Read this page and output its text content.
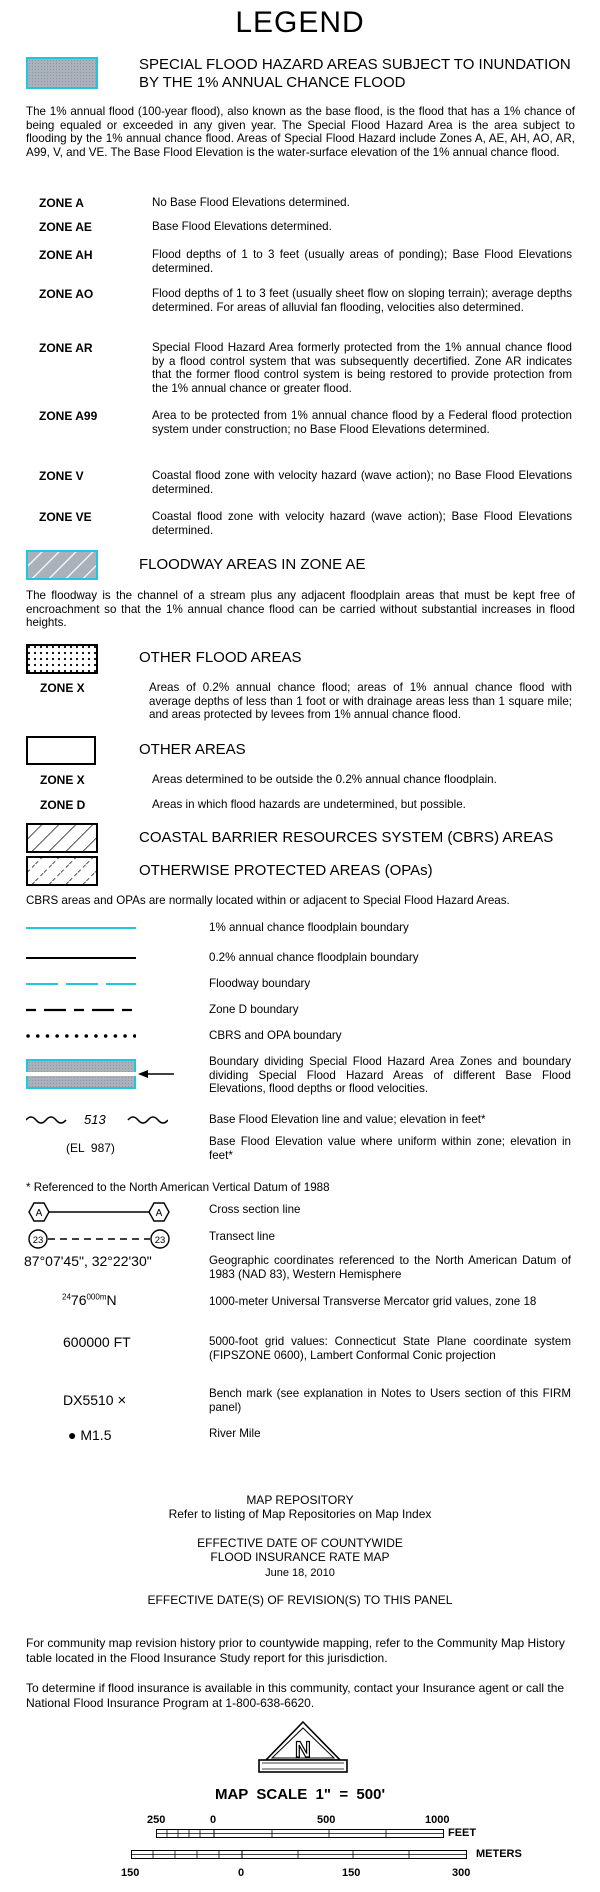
LEGEND
SPECIAL FLOOD HAZARD AREAS SUBJECT TO INUNDATION BY THE 1% ANNUAL CHANCE FLOOD
The 1% annual flood (100-year flood), also known as the base flood, is the flood that has a 1% chance of being equaled or exceeded in any given year. The Special Flood Hazard Area is the area subject to flooding by the 1% annual chance flood. Areas of Special Flood Hazard include Zones A, AE, AH, AO, AR, A99, V, and VE. The Base Flood Elevation is the water-surface elevation of the 1% annual chance flood.
ZONE A	No Base Flood Elevations determined.
ZONE AE	Base Flood Elevations determined.
ZONE AH	Flood depths of 1 to 3 feet (usually areas of ponding); Base Flood Elevations determined.
ZONE AO	Flood depths of 1 to 3 feet (usually sheet flow on sloping terrain); average depths determined. For areas of alluvial fan flooding, velocities also determined.
ZONE AR	Special Flood Hazard Area formerly protected from the 1% annual chance flood by a flood control system that was subsequently decertified. Zone AR indicates that the former flood control system is being restored to provide protection from the 1% annual chance or greater flood.
ZONE A99	Area to be protected from 1% annual chance flood by a Federal flood protection system under construction; no Base Flood Elevations determined.
ZONE V	Coastal flood zone with velocity hazard (wave action); no Base Flood Elevations determined.
ZONE VE	Coastal flood zone with velocity hazard (wave action); Base Flood Elevations determined.
FLOODWAY AREAS IN ZONE AE
The floodway is the channel of a stream plus any adjacent floodplain areas that must be kept free of encroachment so that the 1% annual chance flood can be carried without substantial increases in flood heights.
OTHER FLOOD AREAS
ZONE X	Areas of 0.2% annual chance flood; areas of 1% annual chance flood with average depths of less than 1 foot or with drainage areas less than 1 square mile; and areas protected by levees from 1% annual chance flood.
OTHER AREAS
ZONE X	Areas determined to be outside the 0.2% annual chance floodplain.
ZONE D	Areas in which flood hazards are undetermined, but possible.
COASTAL BARRIER RESOURCES SYSTEM (CBRS) AREAS
OTHERWISE PROTECTED AREAS (OPAs)
CBRS areas and OPAs are normally located within or adjacent to Special Flood Hazard Areas.
1% annual chance floodplain boundary
0.2% annual chance floodplain boundary
Floodway boundary
Zone D boundary
CBRS and OPA boundary
Boundary dividing Special Flood Hazard Area Zones and boundary dividing Special Flood Hazard Areas of different Base Flood Elevations, flood depths or flood velocities.
513	Base Flood Elevation line and value; elevation in feet*
(EL  987)	Base Flood Elevation value where uniform within zone; elevation in feet*
* Referenced to the North American Vertical Datum of 1988
A	A	Cross section line
23	23	Transect line
87°07'45", 32°22'30"	Geographic coordinates referenced to the North American Datum of 1983 (NAD 83), Western Hemisphere
$^{24}76^{000m}N$	1000-meter Universal Transverse Mercator grid values, zone 18
600000 FT	5000-foot grid values: Connecticut State Plane coordinate system (FIPSZONE 0600), Lambert Conformal Conic projection
DX5510 ×	Bench mark (see explanation in Notes to Users section of this FIRM panel)
● M1.5	River Mile
MAP REPOSITORY
Refer to listing of Map Repositories on Map Index
EFFECTIVE DATE OF COUNTYWIDE
FLOOD INSURANCE RATE MAP
June 18, 2010
EFFECTIVE DATE(S) OF REVISION(S) TO THIS PANEL
For community map revision history prior to countywide mapping, refer to the Community Map History table located in the Flood Insurance Study report for this jurisdiction.
To determine if flood insurance is available in this community, contact your Insurance agent or call the National Flood Insurance Program at 1-800-638-6620.
N
MAP  SCALE  1"  =  500'
250	0	500	1000
FEET
METERS
150	0	150	300
